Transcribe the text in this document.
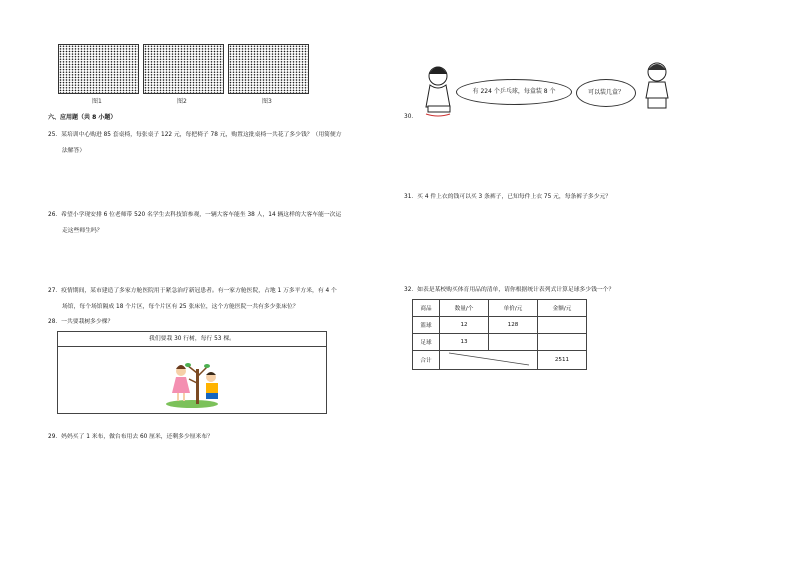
图1	图2	图3
六、应用题（共 8 小题）
25．某培训中心购进 85 套桌椅，每张桌子 122 元，每把椅子 78 元，购置这批桌椅一共花了多少钱？（用简便方
法解答）
26．希望小学现安排 6 位老师带 520 名学生去科技馆参观，一辆大客车能坐 38 人，14 辆这样的大客车能一次运
走这些师生吗？
27．疫情期间，某市建造了多家方舱医院用于紧急治疗新冠患者。有一家方舱医院，占地 1 万多平方米，有 4 个
场馆，每个场馆隔成 18 个片区，每个片区有 25 张床位，这个方舱医院一共有多少张床位？
28．一共要栽树多少棵？
我们要栽 30 行树，每行 53 棵。
29．妈妈买了 1 米布，做台布用去 60 厘米，还剩多少厘米布？
30．
有 224 个乒乓球，每盒装 8 个	可以装几盒？
31．买 4 件上衣的钱可以买 3 条裤子，已知每件上衣 75 元，每条裤子多少元？
32．如表是某校购买体育用品的清单，请你根据统计表列式计算足球多少钱一个？
商品	数量/个	单价/元	金额/元
篮球	12	128	
足球	13		
合计			2511
